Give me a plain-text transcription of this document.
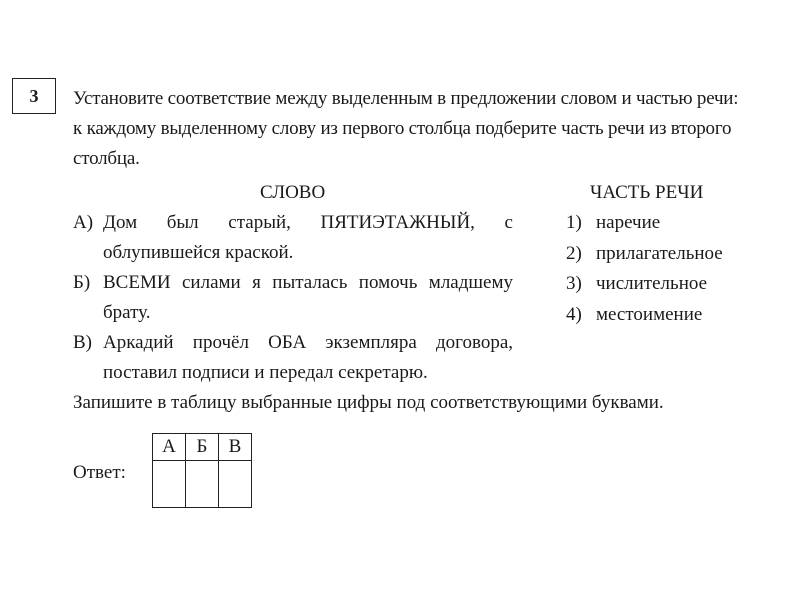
3 Установите соответствие между выделенным в предложении словом и частью речи: к каждому выделенному слову из первого столбца подберите часть речи из второго столбца.
СЛОВО	ЧАСТЬ РЕЧИ
А) Дом был старый, ПЯТИЭТАЖНЫЙ, с облупившейся краской.
Б) ВСЕМИ силами я пыталась помочь младшему брату.
В) Аркадий прочёл ОБА экземпляра договора, поставил подписи и передал секретарю.
1) наречие
2) прилагательное
3) числительное
4) местоимение
Запишите в таблицу выбранные цифры под соответствующими буквами.
Ответ:
А	Б	В
